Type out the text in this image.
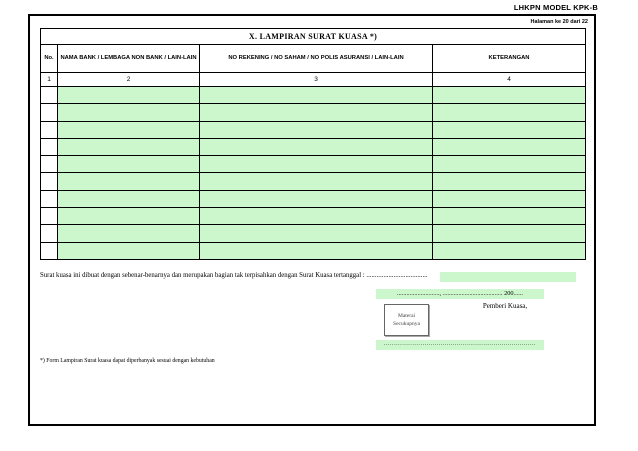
LHKPN MODEL KPK-B
Halaman ke 20 dari 22
X. LAMPIRAN SURAT KUASA *)			
No.	NAMA BANK / LEMBAGA NON BANK / LAIN-LAIN	NO REKENING / NO SAHAM / NO POLIS ASURANSI / LAIN-LAIN	KETERANGAN
1	2	3	4

Surat kuasa ini dibuat dengan sebenar-benarnya dan merupakan bagian tak terpisahkan dengan Surat Kuasa tertanggal : ....................................
..........................., ...................................... 200......
Pemberi Kuasa,
Materai
Secukupnya
...........................................................................
*) Form Lampiran Surat kuasa dapat diperbanyak sesuai dengan kebutuhan
